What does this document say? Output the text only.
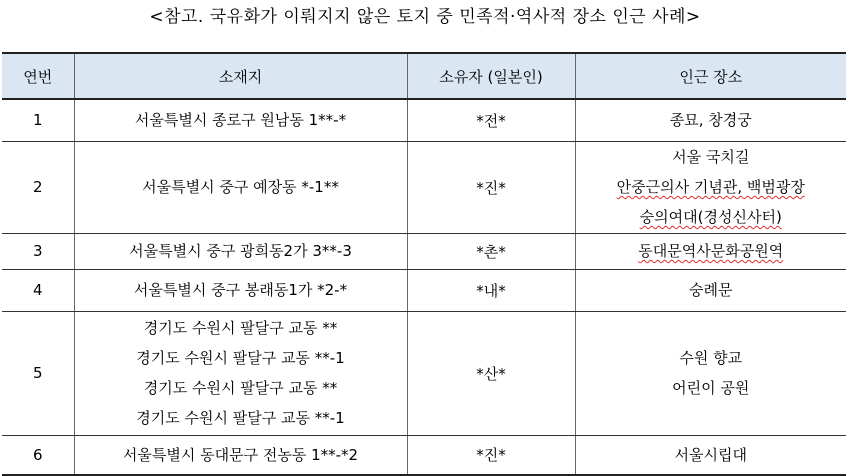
<참고. 국유화가 이뤄지지 않은 토지 중 민족적·역사적 장소 인근 사례>
연번	소재지	소유자 (일본인)	인근 장소
1	서울특별시 종로구 원남동 1**-*	*전*	종묘, 창경궁

2	서울특별시 중구 예장동 *-1**	*진*	서울 국치길
안중근의사 기념관, 백범광장
숭의여대(경성신사터)

3	서울특별시 중구 광희동2가 3**-3	*촌*	동대문역사문화공원역

4	서울특별시 중구 봉래동1가 *2-*	*내*	숭례문

5	경기도 수원시 팔달구 교동 **
경기도 수원시 팔달구 교동 **-1
경기도 수원시 팔달구 교동 **
경기도 수원시 팔달구 교동 **-1	*산*	수원 향교
어린이 공원

6	서울특별시 동대문구 전농동 1**-*2	*진*	서울시립대
